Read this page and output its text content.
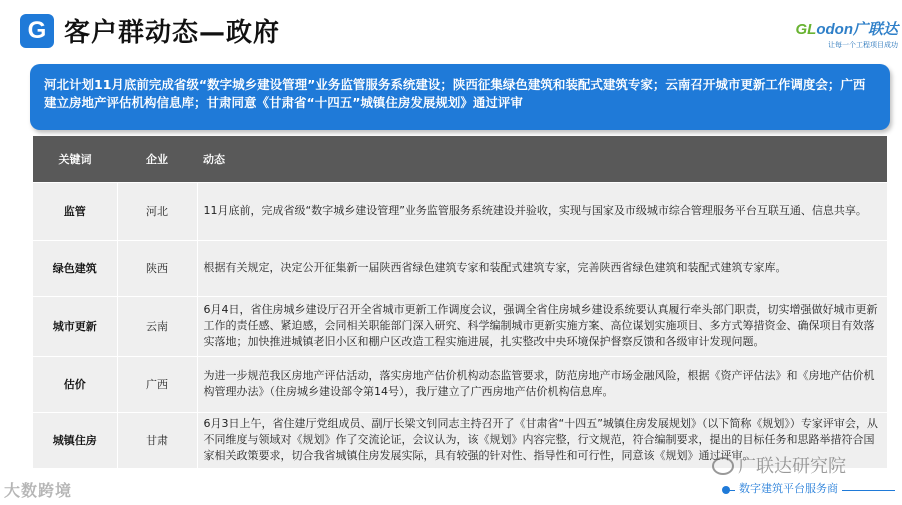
G 客户群动态—政府	GLodon广联达
让每一个工程项目成功
河北计划11月底前完成省级“数字城乡建设管理”业务监管服务系统建设；陕西征集绿色建筑和装配式建筑专家；云南召开城市更新工作调度会；广西建立房地产评估机构信息库；甘肃同意《甘肃省“十四五”城镇住房发展规划》通过评审
关键词	企业	动态
监管	河北	11月底前，完成省级“数字城乡建设管理”业务监管服务系统建设并验收，实现与国家及市级城市综合管理服务平台互联互通、信息共享。
绿色建筑	陕西	根据有关规定，决定公开征集新一届陕西省绿色建筑专家和装配式建筑专家，完善陕西省绿色建筑和装配式建筑专家库。
城市更新	云南	6月4日，省住房城乡建设厅召开全省城市更新工作调度会议，强调全省住房城乡建设系统要认真履行牵头部门职责，切实增强做好城市更新工作的责任感、紧迫感，会同相关职能部门深入研究、科学编制城市更新实施方案、高位谋划实施项目、多方式筹措资金、确保项目有效落实落地；加快推进城镇老旧小区和棚户区改造工程实施进展，扎实整改中央环境保护督察反馈和各级审计发现问题。
估价	广西	为进一步规范我区房地产评估活动，落实房地产估价机构动态监管要求，防范房地产市场金融风险，根据《资产评估法》和《房地产估价机构管理办法》（住房城乡建设部令第14号），我厅建立了广西房地产估价机构信息库。
城镇住房	甘肃	6月3日上午，省住建厅党组成员、副厅长梁文钊同志主持召开了《甘肃省“十四五”城镇住房发展规划》（以下简称《规划》）专家评审会，从不同维度与领域对《规划》作了交流论证，会议认为，该《规划》内容完整，行文规范，符合编制要求，提出的目标任务和思路举措符合国家相关政策要求，切合我省城镇住房发展实际，具有较强的针对性、指导性和可行性，同意该《规划》通过评审。
大数跨境
广联达研究院
数字建筑平台服务商
